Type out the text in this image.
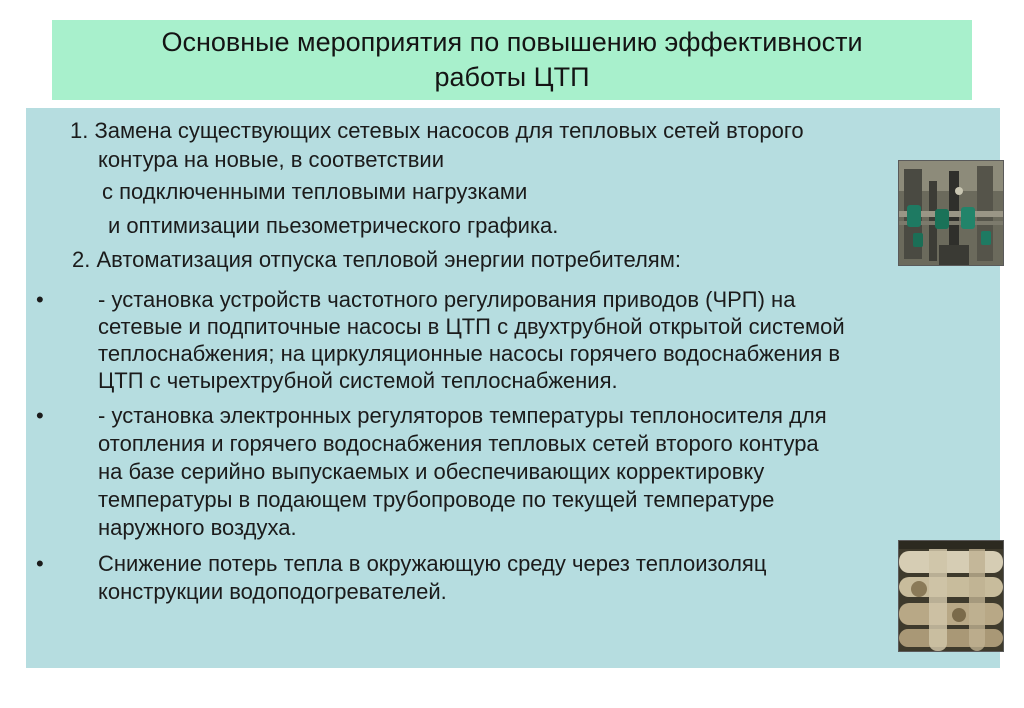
Основные мероприятия по повышению эффективности
работы ЦТП

1. Замена существующих сетевых насосов для тепловых сетей второго

контура на новые, в соответствии

с подключенными тепловыми нагрузками

и оптимизации пьезометрического графика.

2. Автоматизация отпуска тепловой энергии потребителям:

• - установка устройств частотного регулирования приводов (ЧРП) на

сетевые и подпиточные насосы в ЦТП с двухтрубной открытой системой

теплоснабжения; на циркуляционные насосы горячего водоснабжения в

ЦТП с четырехтрубной системой теплоснабжения.

• - установка электронных регуляторов температуры теплоносителя для

отопления и горячего водоснабжения тепловых сетей второго контура

на базе серийно выпускаемых и обеспечивающих корректировку

температуры в подающем трубопроводе по текущей температуре

наружного воздуха.

• Снижение потерь тепла в окружающую среду через теплоизоляц

конструкции водоподогревателей.
